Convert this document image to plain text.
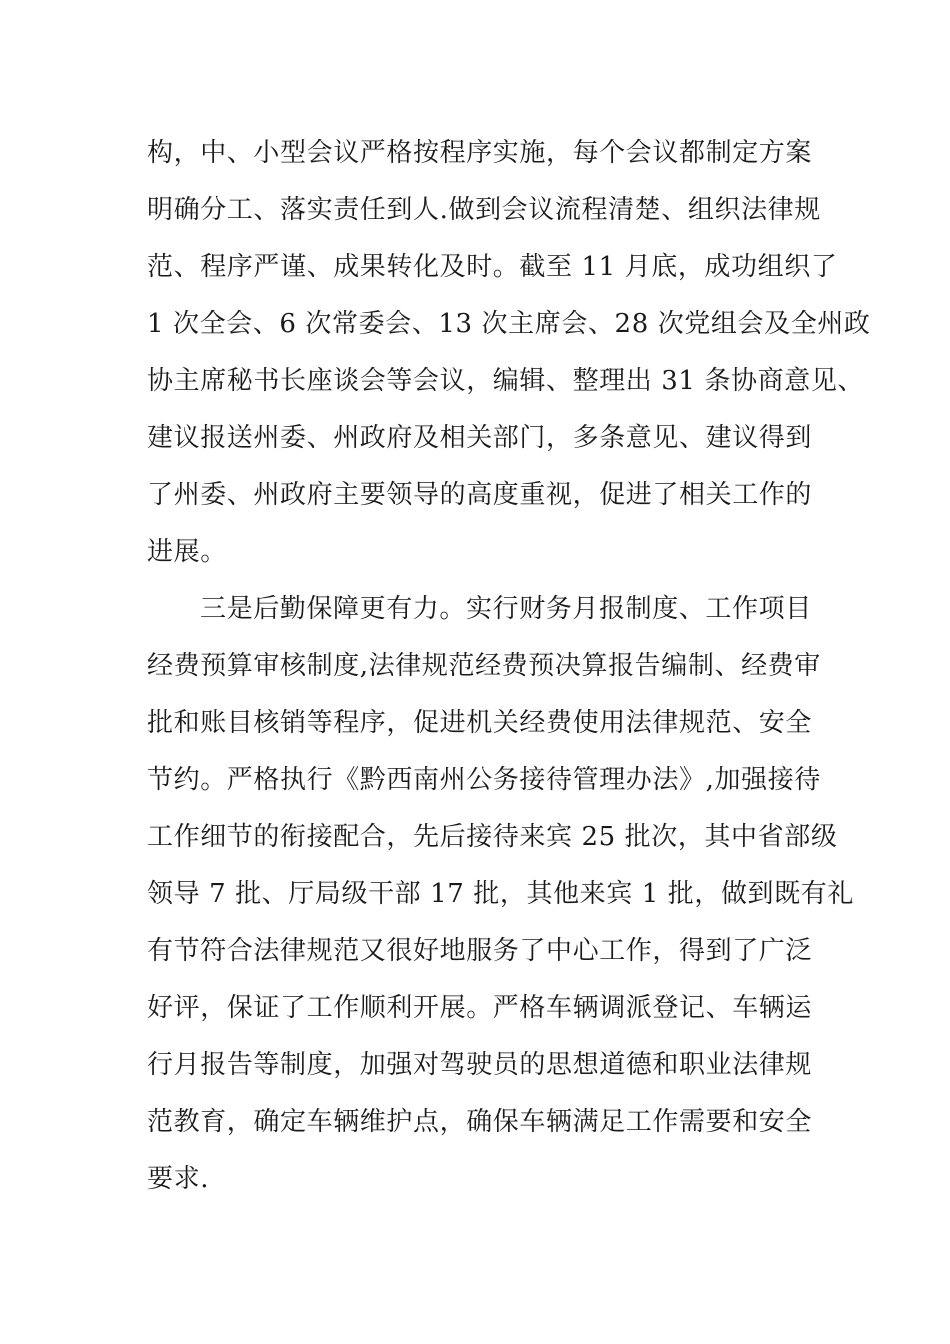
构，中、小型会议严格按程序实施，每个会议都制定方案
明确分工、落实责任到人.做到会议流程清楚、组织法律规
范、程序严谨、成果转化及时。截至 11 月底，成功组织了
1 次全会、6 次常委会、13 次主席会、28 次党组会及全州政
协主席秘书长座谈会等会议，编辑、整理出 31 条协商意见、
建议报送州委、州政府及相关部门，多条意见、建议得到
了州委、州政府主要领导的高度重视，促进了相关工作的
进展。
三是后勤保障更有力。实行财务月报制度、工作项目
经费预算审核制度,法律规范经费预决算报告编制、经费审
批和账目核销等程序，促进机关经费使用法律规范、安全
节约。严格执行《黔西南州公务接待管理办法》,加强接待
工作细节的衔接配合，先后接待来宾 25 批次，其中省部级
领导 7 批、厅局级干部 17 批，其他来宾 1 批，做到既有礼
有节符合法律规范又很好地服务了中心工作，得到了广泛
好评，保证了工作顺利开展。严格车辆调派登记、车辆运
行月报告等制度，加强对驾驶员的思想道德和职业法律规
范教育，确定车辆维护点，确保车辆满足工作需要和安全
要求.
